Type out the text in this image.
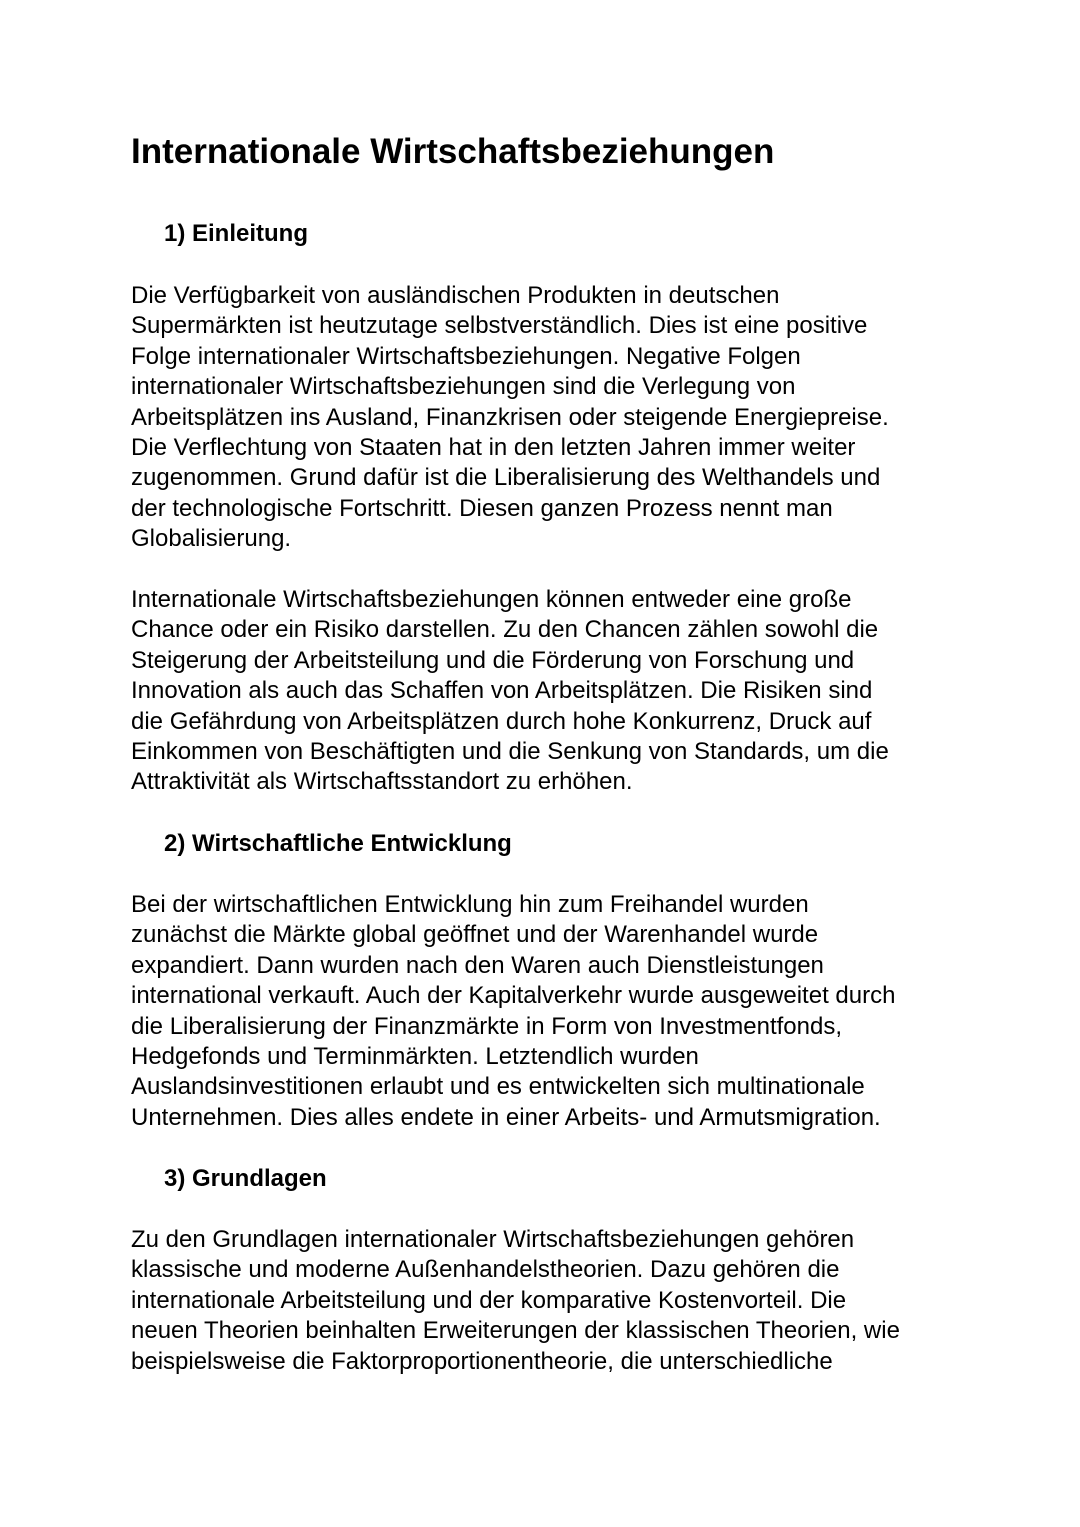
Internationale Wirtschaftsbeziehungen
1) Einleitung

Die Verfügbarkeit von ausländischen Produkten in deutschen
Supermärkten ist heutzutage selbstverständlich. Dies ist eine positive
Folge internationaler Wirtschaftsbeziehungen. Negative Folgen
internationaler Wirtschaftsbeziehungen sind die Verlegung von
Arbeitsplätzen ins Ausland, Finanzkrisen oder steigende Energiepreise.
Die Verflechtung von Staaten hat in den letzten Jahren immer weiter
zugenommen. Grund dafür ist die Liberalisierung des Welthandels und
der technologische Fortschritt. Diesen ganzen Prozess nennt man
Globalisierung.

Internationale Wirtschaftsbeziehungen können entweder eine große
Chance oder ein Risiko darstellen. Zu den Chancen zählen sowohl die
Steigerung der Arbeitsteilung und die Förderung von Forschung und
Innovation als auch das Schaffen von Arbeitsplätzen. Die Risiken sind
die Gefährdung von Arbeitsplätzen durch hohe Konkurrenz, Druck auf
Einkommen von Beschäftigten und die Senkung von Standards, um die
Attraktivität als Wirtschaftsstandort zu erhöhen.

2) Wirtschaftliche Entwicklung

Bei der wirtschaftlichen Entwicklung hin zum Freihandel wurden
zunächst die Märkte global geöffnet und der Warenhandel wurde
expandiert. Dann wurden nach den Waren auch Dienstleistungen
international verkauft. Auch der Kapitalverkehr wurde ausgeweitet durch
die Liberalisierung der Finanzmärkte in Form von Investmentfonds,
Hedgefonds und Terminmärkten. Letztendlich wurden
Auslandsinvestitionen erlaubt und es entwickelten sich multinationale
Unternehmen. Dies alles endete in einer Arbeits- und Armutsmigration.

3) Grundlagen

Zu den Grundlagen internationaler Wirtschaftsbeziehungen gehören
klassische und moderne Außenhandelstheorien. Dazu gehören die
internationale Arbeitsteilung und der komparative Kostenvorteil. Die
neuen Theorien beinhalten Erweiterungen der klassischen Theorien, wie
beispielsweise die Faktorproportionentheorie, die unterschiedliche
